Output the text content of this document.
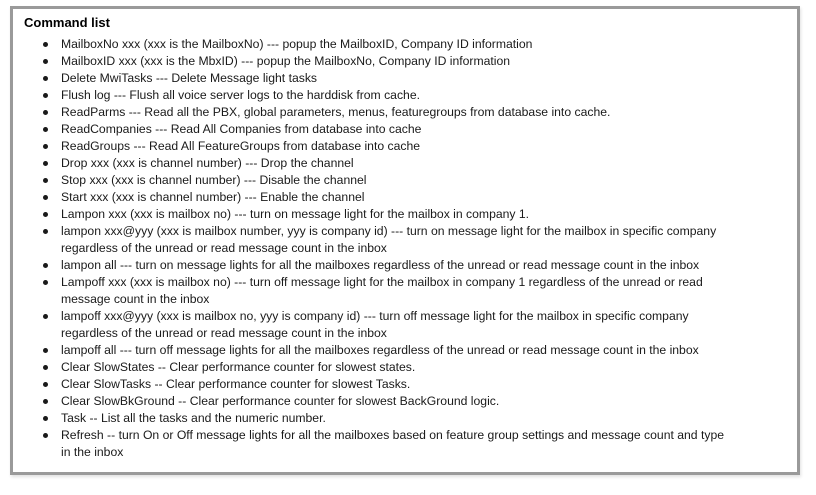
Command list
MailboxNo xxx (xxx is the MailboxNo) --- popup the MailboxID, Company ID information
MailboxID xxx (xxx is the MbxID) --- popup the MailboxNo, Company ID information
Delete MwiTasks --- Delete Message light tasks
Flush log --- Flush all voice server logs to the harddisk from cache.
ReadParms --- Read all the PBX, global parameters, menus, featuregroups from database into cache.
ReadCompanies --- Read All Companies from database into cache
ReadGroups --- Read All FeatureGroups from database into cache
Drop xxx (xxx is channel number) --- Drop the channel
Stop xxx (xxx is channel number) --- Disable the channel
Start xxx (xxx is channel number) --- Enable the channel
Lampon xxx (xxx is mailbox no) --- turn on message light for the mailbox in company 1.
lampon xxx@yyy (xxx is mailbox number, yyy is company id) --- turn on message light for the mailbox in specific company
regardless of the unread or read message count in the inbox
lampon all --- turn on message lights for all the mailboxes regardless of the unread or read message count in the inbox
Lampoff xxx (xxx is mailbox no) --- turn off message light for the mailbox in company 1 regardless of the unread or read
message count in the inbox
lampoff xxx@yyy (xxx is mailbox no, yyy is company id) --- turn off message light for the mailbox in specific company
regardless of the unread or read message count in the inbox
lampoff all --- turn off message lights for all the mailboxes regardless of the unread or read message count in the inbox
Clear SlowStates -- Clear performance counter for slowest states.
Clear SlowTasks -- Clear performance counter for slowest Tasks.
Clear SlowBkGround -- Clear performance counter for slowest BackGround logic.
Task -- List all the tasks and the numeric number.
Refresh -- turn On or Off message lights for all the mailboxes based on feature group settings and message count and type
in the inbox
